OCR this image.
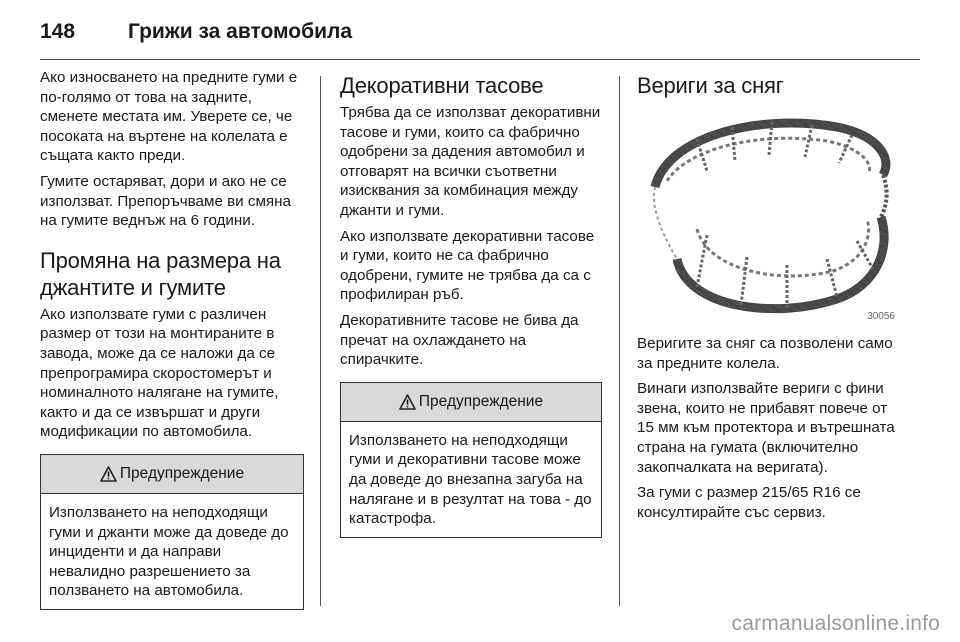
148	Грижи за автомобила

Ако износването на предните гуми е по-голямо от това на задните, сменете местата им. Уверете се, че посоката на въртене на колелата е същата както преди.

Гумите остаряват, дори и ако не се използват. Препоръчваме ви смяна на гумите веднъж на 6 години.

Промяна на размера на джантите и гумите

Ако използвате гуми с различен размер от този на монтираните в завода, може да се наложи да се препрограмира скоростомерът и номиналното налягане на гумите, както и да се извършат и други модификации по автомобила.

Предупреждение

Използването на неподходящи гуми и джанти може да доведе до инциденти и да направи невалидно разрешението за ползването на автомобила.

Декоративни тасове

Трябва да се използват декоративни тасове и гуми, които са фабрично одобрени за дадения автомобил и отговарят на всички съответни изисквания за комбинация между джанти и гуми.

Ако използвате декоративни тасове и гуми, които не са фабрично одобрени, гумите не трябва да са с профилиран ръб.

Декоративните тасове не бива да пречат на охлаждането на спирачките.

Предупреждение

Използването на неподходящи гуми и декоративни тасове може да доведе до внезапна загуба на налягане и в резултат на това - до катастрофа.

Вериги за сняг
30056

Веригите за сняг са позволени само за предните колела.

Винаги използвайте вериги с фини звена, които не прибавят повече от 15 мм към протектора и вътрешната страна на гумата (включително закопчалката на веригата).

За гуми с размер 215/65 R16 се консултирайте със сервиз.

carmanualsonline.info
